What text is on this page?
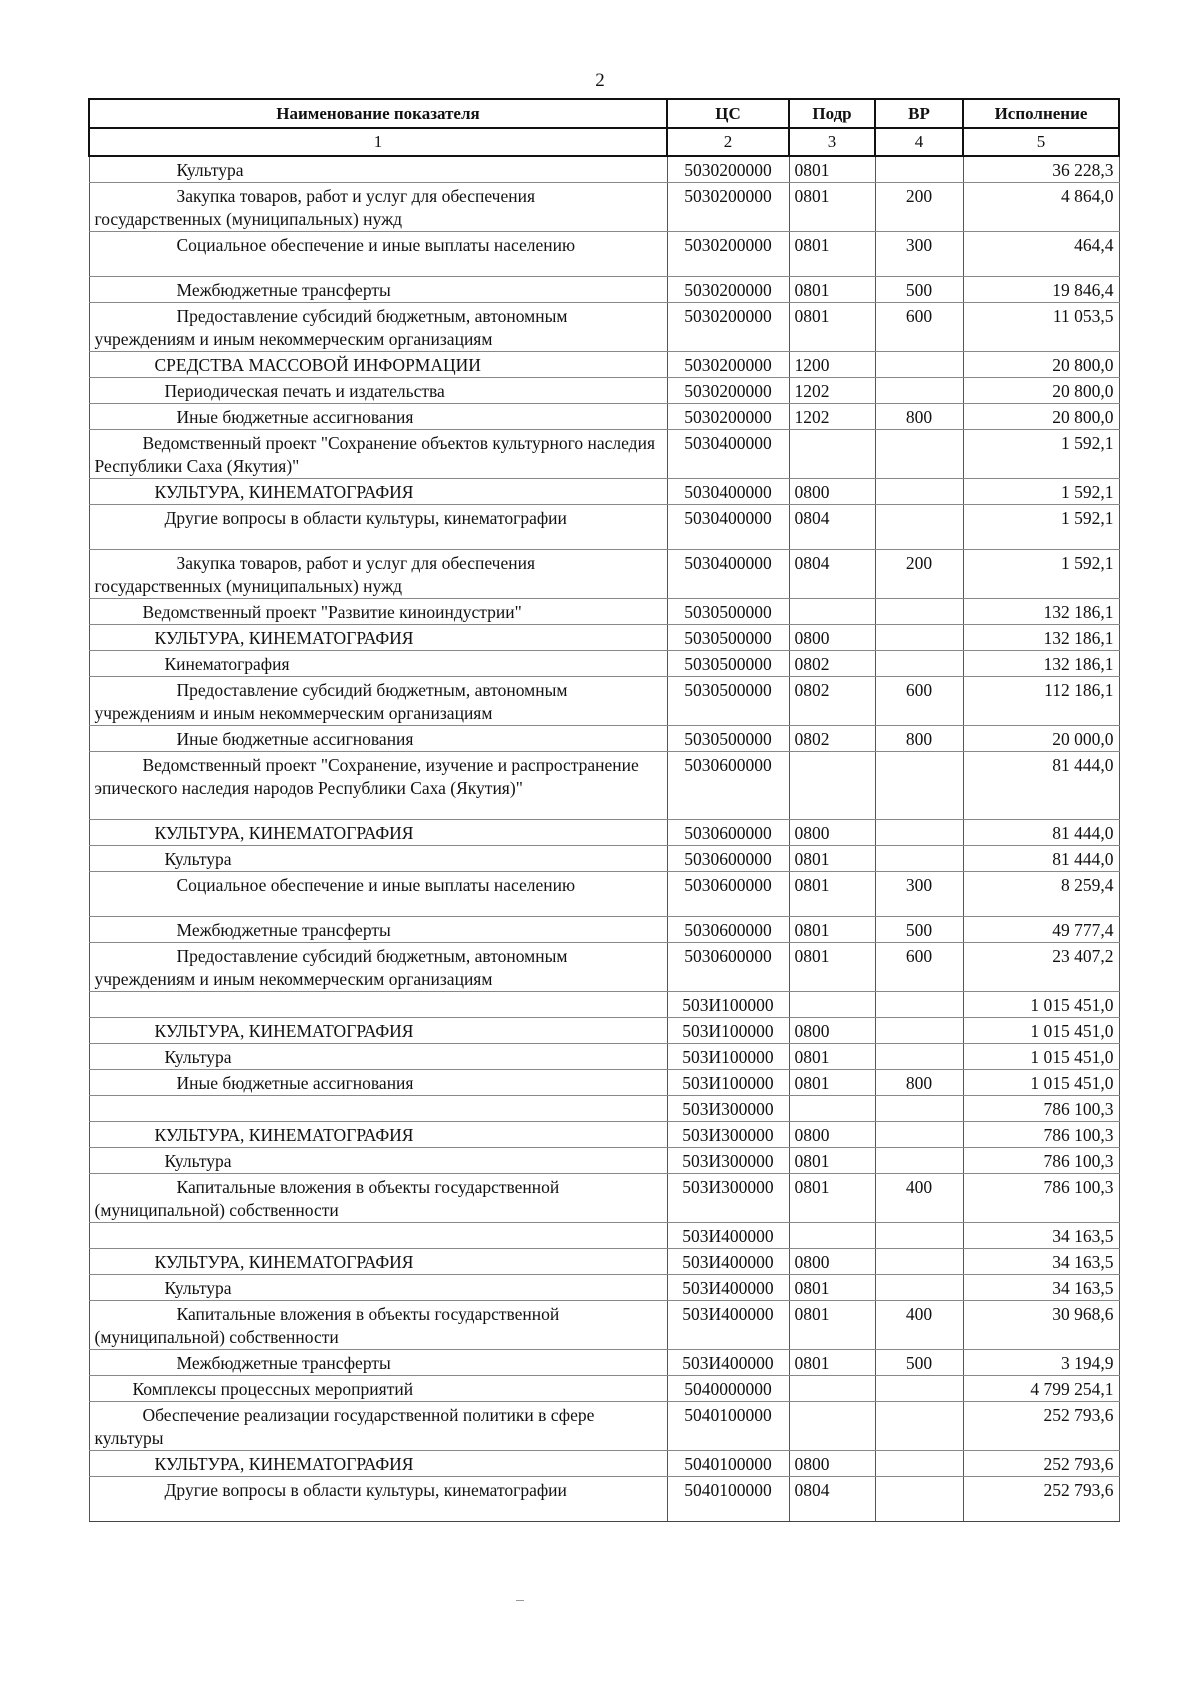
2
Наименование показателя	ЦС	Подр	ВР	Исполнение
1	2	3	4	5
Культура	5030200000	0801		36 228,3
Закупка товаров, работ и услуг для обеспечения государственных (муниципальных) нужд	5030200000	0801	200	4 864,0
Социальное обеспечение и иные выплаты населению	5030200000	0801	300	464,4
Межбюджетные трансферты	5030200000	0801	500	19 846,4
Предоставление субсидий бюджетным, автономным учреждениям и иным некоммерческим организациям	5030200000	0801	600	11 053,5
СРЕДСТВА МАССОВОЙ ИНФОРМАЦИИ	5030200000	1200		20 800,0
Периодическая печать и издательства	5030200000	1202		20 800,0
Иные бюджетные ассигнования	5030200000	1202	800	20 800,0
Ведомственный проект "Сохранение объектов культурного наследия Республики Саха (Якутия)"	5030400000			1 592,1
КУЛЬТУРА, КИНЕМАТОГРАФИЯ	5030400000	0800		1 592,1
Другие вопросы в области культуры, кинематографии	5030400000	0804		1 592,1
Закупка товаров, работ и услуг для обеспечения государственных (муниципальных) нужд	5030400000	0804	200	1 592,1
Ведомственный проект "Развитие киноиндустрии"	5030500000			132 186,1
КУЛЬТУРА, КИНЕМАТОГРАФИЯ	5030500000	0800		132 186,1
Кинематография	5030500000	0802		132 186,1
Предоставление субсидий бюджетным, автономным учреждениям и иным некоммерческим организациям	5030500000	0802	600	112 186,1
Иные бюджетные ассигнования	5030500000	0802	800	20 000,0
Ведомственный проект "Сохранение, изучение и распространение эпического наследия народов Республики Саха (Якутия)"	5030600000			81 444,0
КУЛЬТУРА, КИНЕМАТОГРАФИЯ	5030600000	0800		81 444,0
Культура	5030600000	0801		81 444,0
Социальное обеспечение и иные выплаты населению	5030600000	0801	300	8 259,4
Межбюджетные трансферты	5030600000	0801	500	49 777,4
Предоставление субсидий бюджетным, автономным учреждениям и иным некоммерческим организациям	5030600000	0801	600	23 407,2
	503И100000			1 015 451,0
КУЛЬТУРА, КИНЕМАТОГРАФИЯ	503И100000	0800		1 015 451,0
Культура	503И100000	0801		1 015 451,0
Иные бюджетные ассигнования	503И100000	0801	800	1 015 451,0
	503И300000			786 100,3
КУЛЬТУРА, КИНЕМАТОГРАФИЯ	503И300000	0800		786 100,3
Культура	503И300000	0801		786 100,3
Капитальные вложения в объекты государственной (муниципальной) собственности	503И300000	0801	400	786 100,3
	503И400000			34 163,5
КУЛЬТУРА, КИНЕМАТОГРАФИЯ	503И400000	0800		34 163,5
Культура	503И400000	0801		34 163,5
Капитальные вложения в объекты государственной (муниципальной) собственности	503И400000	0801	400	30 968,6
Межбюджетные трансферты	503И400000	0801	500	3 194,9
Комплексы процессных мероприятий	5040000000			4 799 254,1
Обеспечение реализации государственной политики в сфере культуры	5040100000			252 793,6
КУЛЬТУРА, КИНЕМАТОГРАФИЯ	5040100000	0800		252 793,6
Другие вопросы в области культуры, кинематографии	5040100000	0804		252 793,6
